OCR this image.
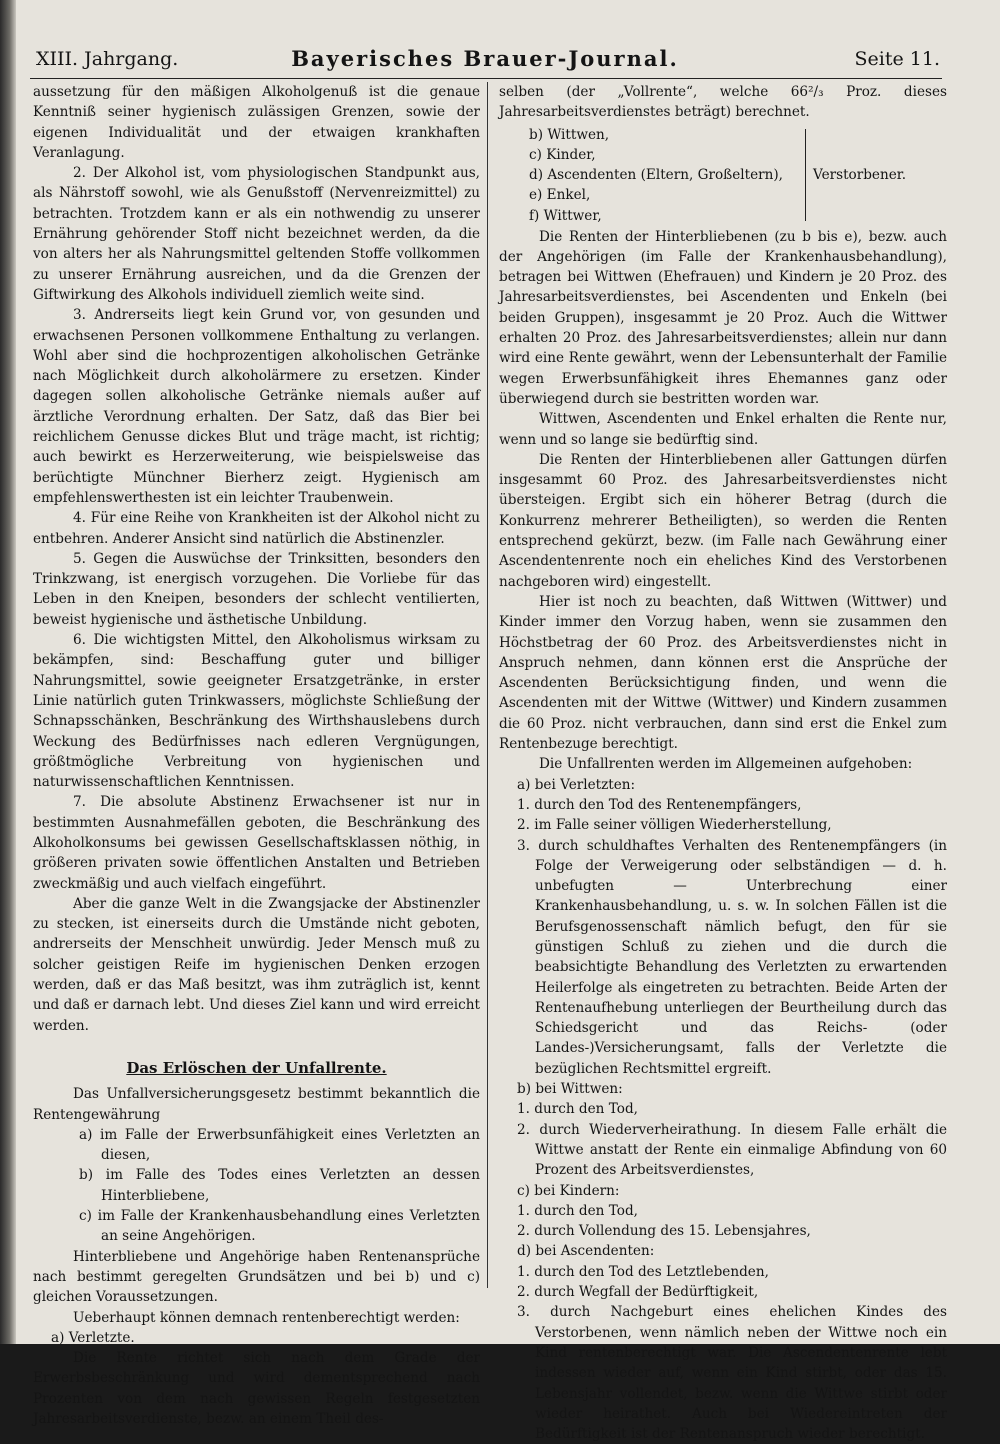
XIII. Jahrgang.	Bayerisches Brauer-Journal.	Seite 11.

aussetzung für den mäßigen Alkoholgenuß ist die genaue Kenntniß seiner hygienisch zulässigen Grenzen, sowie der eigenen Individualität und der etwaigen krankhaften Veranlagung.

2. Der Alkohol ist, vom physiologischen Standpunkt aus, als Nährstoff sowohl, wie als Genußstoff (Nervenreizmittel) zu betrachten. Trotzdem kann er als ein nothwendig zu unserer Ernährung gehörender Stoff nicht bezeichnet werden, da die von alters her als Nahrungsmittel geltenden Stoffe vollkommen zu unserer Ernährung ausreichen, und da die Grenzen der Giftwirkung des Alkohols individuell ziemlich weite sind.

3. Andrerseits liegt kein Grund vor, von gesunden und erwachsenen Personen vollkommene Enthaltung zu verlangen. Wohl aber sind die hochprozentigen alkoholischen Getränke nach Möglichkeit durch alkoholärmere zu ersetzen. Kinder dagegen sollen alkoholische Getränke niemals außer auf ärztliche Verordnung erhalten. Der Satz, daß das Bier bei reichlichem Genusse dickes Blut und träge macht, ist richtig; auch bewirkt es Herzerweiterung, wie beispielsweise das berüchtigte Münchner Bierherz zeigt. Hygienisch am empfehlenswerthesten ist ein leichter Traubenwein.

4. Für eine Reihe von Krankheiten ist der Alkohol nicht zu entbehren. Anderer Ansicht sind natürlich die Abstinenzler.

5. Gegen die Auswüchse der Trinksitten, besonders den Trinkzwang, ist energisch vorzugehen. Die Vorliebe für das Leben in den Kneipen, besonders der schlecht ventilierten, beweist hygienische und ästhetische Unbildung.

6. Die wichtigsten Mittel, den Alkoholismus wirksam zu bekämpfen, sind: Beschaffung guter und billiger Nahrungsmittel, sowie geeigneter Ersatzgetränke, in erster Linie natürlich guten Trinkwassers, möglichste Schließung der Schnapsschänken, Beschränkung des Wirthshauslebens durch Weckung des Bedürfnisses nach edleren Vergnügungen, größtmögliche Verbreitung von hygienischen und naturwissenschaftlichen Kenntnissen.

7. Die absolute Abstinenz Erwachsener ist nur in bestimmten Ausnahmefällen geboten, die Beschränkung des Alkoholkonsums bei gewissen Gesellschaftsklassen nöthig, in größeren privaten sowie öffentlichen Anstalten und Betrieben zweckmäßig und auch vielfach eingeführt.

Aber die ganze Welt in die Zwangsjacke der Abstinenzler zu stecken, ist einerseits durch die Umstände nicht geboten, andrerseits der Menschheit unwürdig. Jeder Mensch muß zu solcher geistigen Reife im hygienischen Denken erzogen werden, daß er das Maß besitzt, was ihm zuträglich ist, kennt und daß er darnach lebt. Und dieses Ziel kann und wird erreicht werden.

Das Erlöschen der Unfallrente.

Das Unfallversicherungsgesetz bestimmt bekanntlich die Rentengewährung

a) im Falle der Erwerbsunfähigkeit eines Verletzten an diesen,

b) im Falle des Todes eines Verletzten an dessen Hinterbliebene,

c) im Falle der Krankenhausbehandlung eines Verletzten an seine Angehörigen.

Hinterbliebene und Angehörige haben Rentenansprüche nach bestimmt geregelten Grundsätzen und bei b) und c) gleichen Voraussetzungen.

Ueberhaupt können demnach rentenberechtigt werden:

a) Verletzte.

Die Rente richtet sich nach dem Grade der Erwerbsbeschränkung und wird dementsprechend nach Prozenten von dem nach gewissen Regeln festgesetzten Jahresarbeitsverdienste, bezw. an einem Theil des-

selben (der „Vollrente“, welche 66²/₃ Proz. dieses Jahresarbeitsverdienstes beträgt) berechnet.

b) Wittwen,
c) Kinder,
d) Ascendenten (Eltern, Großeltern),
e) Enkel,
f) Wittwer,
Verstorbener.

Die Renten der Hinterbliebenen (zu b bis e), bezw. auch der Angehörigen (im Falle der Krankenhausbehandlung), betragen bei Wittwen (Ehefrauen) und Kindern je 20 Proz. des Jahresarbeitsverdienstes, bei Ascendenten und Enkeln (bei beiden Gruppen), insgesammt je 20 Proz. Auch die Wittwer erhalten 20 Proz. des Jahresarbeitsverdienstes; allein nur dann wird eine Rente gewährt, wenn der Lebensunterhalt der Familie wegen Erwerbsunfähigkeit ihres Ehemannes ganz oder überwiegend durch sie bestritten worden war.

Wittwen, Ascendenten und Enkel erhalten die Rente nur, wenn und so lange sie bedürftig sind.

Die Renten der Hinterbliebenen aller Gattungen dürfen insgesammt 60 Proz. des Jahresarbeitsverdienstes nicht übersteigen. Ergibt sich ein höherer Betrag (durch die Konkurrenz mehrerer Betheiligten), so werden die Renten entsprechend gekürzt, bezw. (im Falle nach Gewährung einer Ascendentenrente noch ein eheliches Kind des Verstorbenen nachgeboren wird) eingestellt.

Hier ist noch zu beachten, daß Wittwen (Wittwer) und Kinder immer den Vorzug haben, wenn sie zusammen den Höchstbetrag der 60 Proz. des Arbeitsverdienstes nicht in Anspruch nehmen, dann können erst die Ansprüche der Ascendenten Berücksichtigung finden, und wenn die Ascendenten mit der Wittwe (Wittwer) und Kindern zusammen die 60 Proz. nicht verbrauchen, dann sind erst die Enkel zum Rentenbezuge berechtigt.

Die Unfallrenten werden im Allgemeinen aufgehoben:

a) bei Verletzten:

1. durch den Tod des Rentenempfängers,

2. im Falle seiner völligen Wiederherstellung,

3. durch schuldhaftes Verhalten des Rentenempfängers (in Folge der Verweigerung oder selbständigen — d. h. unbefugten — Unterbrechung einer Krankenhausbehandlung, u. s. w. In solchen Fällen ist die Berufsgenossenschaft nämlich befugt, den für sie günstigen Schluß zu ziehen und die durch die beabsichtigte Behandlung des Verletzten zu erwartenden Heilerfolge als eingetreten zu betrachten. Beide Arten der Rentenaufhebung unterliegen der Beurtheilung durch das Schiedsgericht und das Reichs- (oder Landes-)Versicherungsamt, falls der Verletzte die bezüglichen Rechtsmittel ergreift.

b) bei Wittwen:

1. durch den Tod,

2. durch Wiederverheirathung. In diesem Falle erhält die Wittwe anstatt der Rente ein einmalige Abfindung von 60 Prozent des Arbeitsverdienstes,

c) bei Kindern:

1. durch den Tod,

2. durch Vollendung des 15. Lebensjahres,

d) bei Ascendenten:

1. durch den Tod des Letztlebenden,

2. durch Wegfall der Bedürftigkeit,

3. durch Nachgeburt eines ehelichen Kindes des Verstorbenen, wenn nämlich neben der Wittwe noch ein Kind rentenberechtigt war. Die Ascendentenrente lebt indessen wieder auf, wenn ein Kind stirbt, oder das 15. Lebensjahr vollendet, bezw. wenn die Wittwe stirbt oder wieder heirathet. Auch bei Wiedereintreten der Bedürftigkeit ist der Rentenanspruch wieder berechtigt.
